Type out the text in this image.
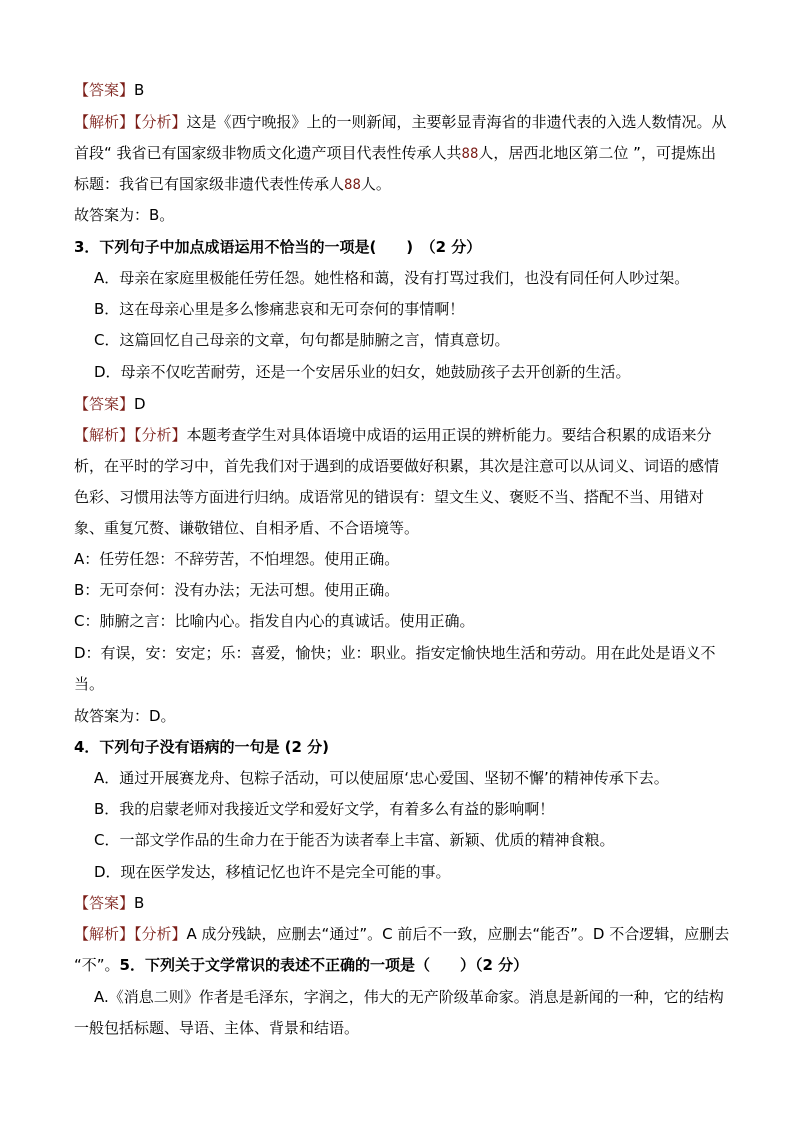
【答案】B
【解析】【分析】这是《西宁晚报》上的一则新闻，主要彰显青海省的非遗代表的入选人数情况。从
首段“ 我省已有国家级非物质文化遗产项目代表性传承人共88人，居西北地区第二位 ”，可提炼出
标题：我省已有国家级非遗代表性传承人88人。
故答案为：B。
3．下列句子中加点成语运用不恰当的一项是(　　)　（2 分）
A．母亲在家庭里极能任劳任怨。她性格和蔼，没有打骂过我们，也没有同任何人吵过架。
B．这在母亲心里是多么惨痛悲哀和无可奈何的事情啊！
C．这篇回忆自己母亲的文章，句句都是肺腑之言，情真意切。
D．母亲不仅吃苦耐劳，还是一个安居乐业的妇女，她鼓励孩子去开创新的生活。
【答案】D
【解析】【分析】本题考查学生对具体语境中成语的运用正误的辨析能力。要结合积累的成语来分
析，在平时的学习中，首先我们对于遇到的成语要做好积累，其次是注意可以从词义、词语的感情
色彩、习惯用法等方面进行归纳。成语常见的错误有：望文生义、褒贬不当、搭配不当、用错对
象、重复冗赘、谦敬错位、自相矛盾、不合语境等。
A：任劳任怨：不辞劳苦，不怕埋怨。使用正确。
B：无可奈何：没有办法；无法可想。使用正确。
C：肺腑之言：比喻内心。指发自内心的真诚话。使用正确。
D：有误，安：安定；乐：喜爱，愉快；业：职业。指安定愉快地生活和劳动。用在此处是语义不
当。
故答案为：D。
4．下列句子没有语病的一句是 (2 分)
A．通过开展赛龙舟、包粽子活动，可以使屈原‘忠心爱国、坚韧不懈’的精神传承下去。
B．我的启蒙老师对我接近文学和爱好文学，有着多么有益的影响啊！
C．一部文学作品的生命力在于能否为读者奉上丰富、新颖、优质的精神食粮。
D．现在医学发达，移植记忆也许不是完全可能的事。
【答案】B
【解析】【分析】A 成分残缺，应删去“通过”。C 前后不一致，应删去“能否”。D 不合逻辑，应删去
“不”。5．下列关于文学常识的表述不正确的一项是（　　）（2 分）
A.《消息二则》作者是毛泽东，字润之，伟大的无产阶级革命家。消息是新闻的一种，它的结构
一般包括标题、导语、主体、背景和结语。
